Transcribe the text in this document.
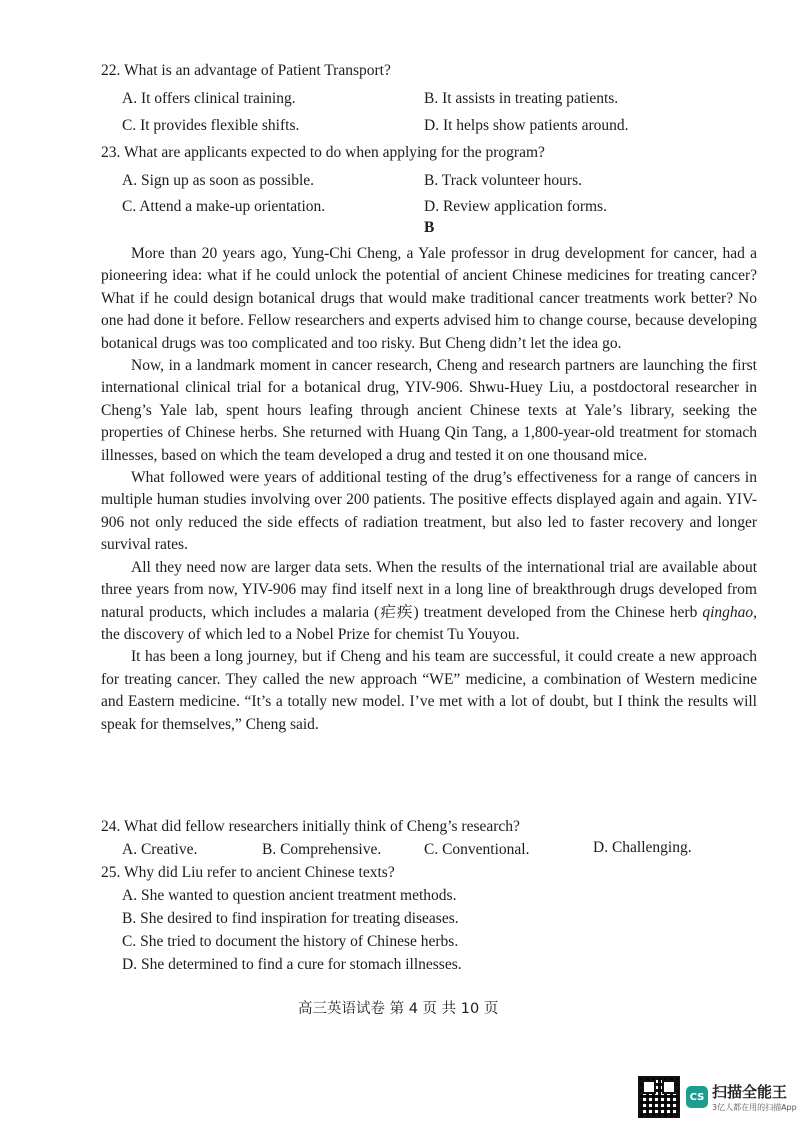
22. What is an advantage of Patient Transport?
A. It offers clinical training.	B. It assists in treating patients.
C. It provides flexible shifts.	D. It helps show patients around.
23. What are applicants expected to do when applying for the program?
A. Sign up as soon as possible.	B. Track volunteer hours.
C. Attend a make-up orientation.	D. Review application forms.
B

More than 20 years ago, Yung-Chi Cheng, a Yale professor in drug development for cancer, had a pioneering idea: what if he could unlock the potential of ancient Chinese medicines for treating cancer? What if he could design botanical drugs that would make traditional cancer treatments work better? No one had done it before. Fellow researchers and experts advised him to change course, because developing botanical drugs was too complicated and too risky. But Cheng didn’t let the idea go.

Now, in a landmark moment in cancer research, Cheng and research partners are launching the first international clinical trial for a botanical drug, YIV-906. Shwu-Huey Liu, a postdoctoral researcher in Cheng’s Yale lab, spent hours leafing through ancient Chinese texts at Yale’s library, seeking the properties of Chinese herbs. She returned with Huang Qin Tang, a 1,800-year-old treatment for stomach illnesses, based on which the team developed a drug and tested it on one thousand mice.

What followed were years of additional testing of the drug’s effectiveness for a range of cancers in multiple human studies involving over 200 patients. The positive effects displayed again and again. YIV-906 not only reduced the side effects of radiation treatment, but also led to faster recovery and longer survival rates.

All they need now are larger data sets. When the results of the international trial are available about three years from now, YIV-906 may find itself next in a long line of breakthrough drugs developed from natural products, which includes a malaria (疟疾) treatment developed from the Chinese herb qinghao, the discovery of which led to a Nobel Prize for chemist Tu Youyou.

It has been a long journey, but if Cheng and his team are successful, it could create a new approach for treating cancer. They called the new approach “WE” medicine, a combination of Western medicine and Eastern medicine. “It’s a totally new model. I’ve met with a lot of doubt, but I think the results will speak for themselves,” Cheng said.

24. What did fellow researchers initially think of Cheng’s research?
A. Creative.	B. Comprehensive.	C. Conventional.	D. Challenging.
25. Why did Liu refer to ancient Chinese texts?
A. She wanted to question ancient treatment methods.
B. She desired to find inspiration for treating diseases.
C. She tried to document the history of Chinese herbs.
D. She determined to find a cure for stomach illnesses.
高三英语试卷 第 4 页 共 10 页
CS 扫描全能王
3亿人都在用的扫描App
